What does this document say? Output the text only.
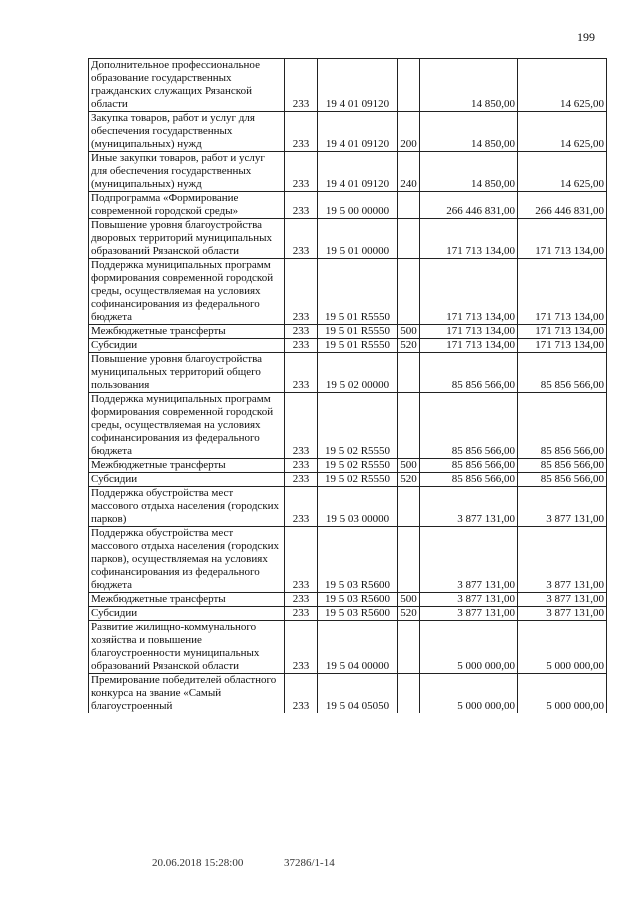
199
Дополнительное профессиональное образование государственных гражданских служащих Рязанской области	233	19 4 01 09120		14 850,00	14 625,00
Закупка товаров, работ и услуг для обеспечения государственных (муниципальных) нужд	233	19 4 01 09120	200	14 850,00	14 625,00
Иные закупки товаров, работ и услуг для обеспечения государственных (муниципальных) нужд	233	19 4 01 09120	240	14 850,00	14 625,00
Подпрограмма «Формирование современной городской среды»	233	19 5 00 00000		266 446 831,00	266 446 831,00
Повышение уровня благоустройства дворовых территорий муниципальных образований Рязанской области	233	19 5 01 00000		171 713 134,00	171 713 134,00
Поддержка муниципальных программ формирования современной городской среды, осуществляемая на условиях софинансирования из федерального бюджета	233	19 5 01 R5550		171 713 134,00	171 713 134,00
Межбюджетные трансферты	233	19 5 01 R5550	500	171 713 134,00	171 713 134,00
Субсидии	233	19 5 01 R5550	520	171 713 134,00	171 713 134,00
Повышение уровня благоустройства муниципальных территорий общего пользования	233	19 5 02 00000		85 856 566,00	85 856 566,00
Поддержка муниципальных программ формирования современной городской среды, осуществляемая на условиях софинансирования из федерального бюджета	233	19 5 02 R5550		85 856 566,00	85 856 566,00
Межбюджетные трансферты	233	19 5 02 R5550	500	85 856 566,00	85 856 566,00
Субсидии	233	19 5 02 R5550	520	85 856 566,00	85 856 566,00
Поддержка обустройства мест массового отдыха населения (городских парков)	233	19 5 03 00000		3 877 131,00	3 877 131,00
Поддержка обустройства мест массового отдыха населения (городских парков), осуществляемая на условиях софинансирования из федерального бюджета	233	19 5 03 R5600		3 877 131,00	3 877 131,00
Межбюджетные трансферты	233	19 5 03 R5600	500	3 877 131,00	3 877 131,00
Субсидии	233	19 5 03 R5600	520	3 877 131,00	3 877 131,00
Развитие жилищно-коммунального хозяйства и повышение благоустроенности муниципальных образований Рязанской области	233	19 5 04 00000		5 000 000,00	5 000 000,00
Премирование победителей областного конкурса на звание «Самый благоустроенный	233	19 5 04 05050		5 000 000,00	5 000 000,00
20.06.2018 15:28:00	37286/1-14
